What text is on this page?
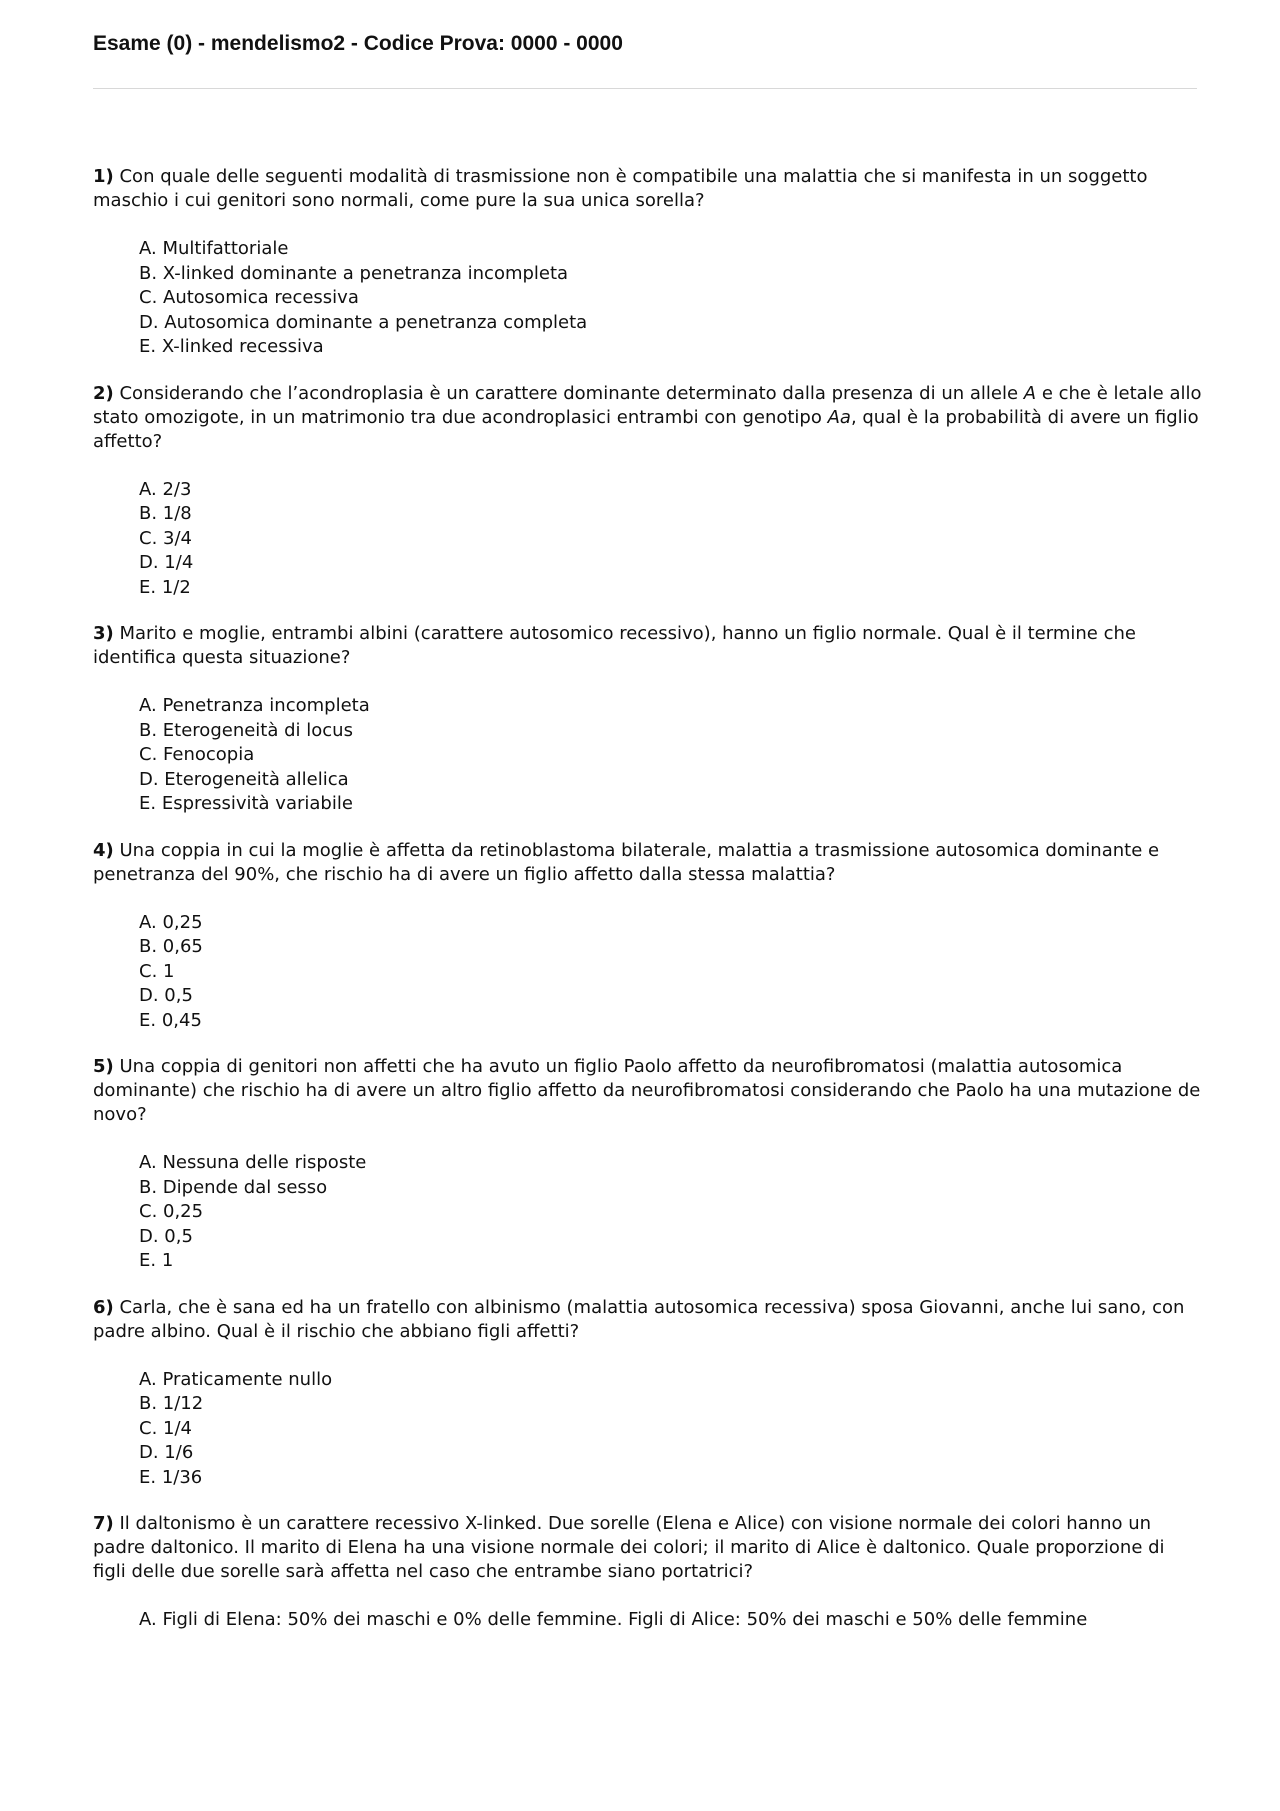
Esame (0) - mendelismo2 - Codice Prova: 0000 - 0000

1) Con quale delle seguenti modalità di trasmissione non è compatibile una malattia che si manifesta in un soggetto maschio i cui genitori sono normali, come pure la sua unica sorella?

A. Multifattoriale
B. X-linked dominante a penetranza incompleta
C. Autosomica recessiva
D. Autosomica dominante a penetranza completa
E. X-linked recessiva

2) Considerando che l’acondroplasia è un carattere dominante determinato dalla presenza di un allele A e che è letale allo stato omozigote, in un matrimonio tra due acondroplasici entrambi con genotipo Aa, qual è la probabilità di avere un figlio affetto?

A. 2/3
B. 1/8
C. 3/4
D. 1/4
E. 1/2

3) Marito e moglie, entrambi albini (carattere autosomico recessivo), hanno un figlio normale. Qual è il termine che identifica questa situazione?

A. Penetranza incompleta
B. Eterogeneità di locus
C. Fenocopia
D. Eterogeneità allelica
E. Espressività variabile

4) Una coppia in cui la moglie è affetta da retinoblastoma bilaterale, malattia a trasmissione autosomica dominante e penetranza del 90%, che rischio ha di avere un figlio affetto dalla stessa malattia?

A. 0,25
B. 0,65
C. 1
D. 0,5
E. 0,45

5) Una coppia di genitori non affetti che ha avuto un figlio Paolo affetto da neurofibromatosi (malattia autosomica dominante) che rischio ha di avere un altro figlio affetto da neurofibromatosi considerando che Paolo ha una mutazione de novo?

A. Nessuna delle risposte
B. Dipende dal sesso
C. 0,25
D. 0,5
E. 1

6) Carla, che è sana ed ha un fratello con albinismo (malattia autosomica recessiva) sposa Giovanni, anche lui sano, con padre albino. Qual è il rischio che abbiano figli affetti?

A. Praticamente nullo
B. 1/12
C. 1/4
D. 1/6
E. 1/36

7) Il daltonismo è un carattere recessivo X-linked. Due sorelle (Elena e Alice) con visione normale dei colori hanno un padre daltonico. Il marito di Elena ha una visione normale dei colori; il marito di Alice è daltonico. Quale proporzione di figli delle due sorelle sarà affetta nel caso che entrambe siano portatrici?

A. Figli di Elena: 50% dei maschi e 0% delle femmine. Figli di Alice: 50% dei maschi e 50% delle femmine
